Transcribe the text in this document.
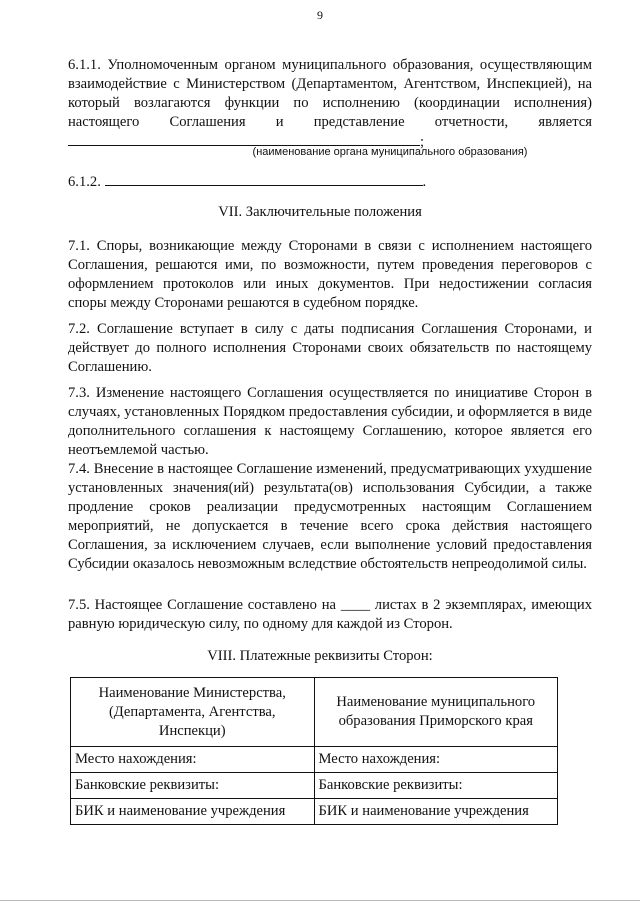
9

6.1.1. Уполномоченным органом муниципального образования, осуществляющим взаимодействие с Министерством (Департаментом, Агентством, Инспекцией), на который возлагаются функции по исполнению (координации исполнения) настоящего Соглашения и представление отчетности, является ;

(наименование органа муниципального образования)

6.1.2.	.

VII. Заключительные положения

7.1. Споры, возникающие между Сторонами в связи с исполнением настоящего Соглашения, решаются ими, по возможности, путем проведения переговоров с оформлением протоколов или иных документов. При недостижении согласия споры между Сторонами решаются в судебном порядке.

7.2. Соглашение вступает в силу с даты подписания Соглашения Сторонами, и действует до полного исполнения Сторонами своих обязательств по настоящему Соглашению.

7.3. Изменение настоящего Соглашения осуществляется по инициативе Сторон в случаях, установленных Порядком предоставления субсидии, и оформляется в виде дополнительного соглашения к настоящему Соглашению, которое является его неотъемлемой частью.

7.4. Внесение в настоящее Соглашение изменений, предусматривающих ухудшение установленных значения(ий) результата(ов) использования Субсидии, а также продление сроков реализации предусмотренных настоящим Соглашением мероприятий, не допускается в течение всего срока действия настоящего Соглашения, за исключением случаев, если выполнение условий предоставления Субсидии оказалось невозможным вследствие обстоятельств непреодолимой силы.

7.5. Настоящее Соглашение составлено на ____ листах в 2 экземплярах, имеющих равную юридическую силу, по одному для каждой из Сторон.

VIII. Платежные реквизиты Сторон:
Наименование Министерства, (Департамента, Агентства, Инспекци)	Наименование муниципального образования Приморского края
Место нахождения:	Место нахождения:
Банковские реквизиты:	Банковские реквизиты:
БИК и наименование учреждения	БИК и наименование учреждения
